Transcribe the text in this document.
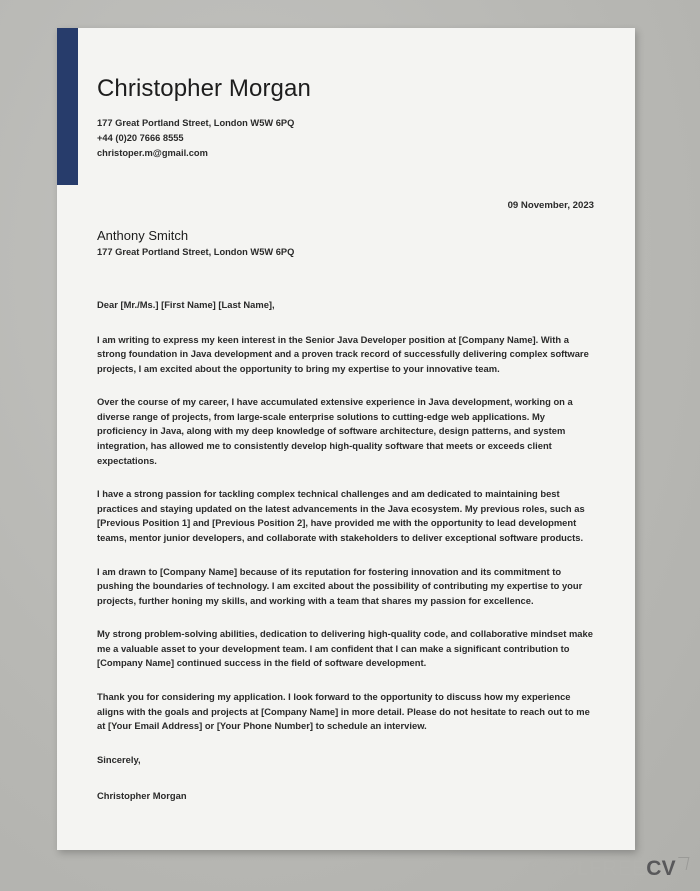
Christopher Morgan
177 Great Portland Street, London W5W 6PQ
+44 (0)20 7666 8555
christoper.m@gmail.com
09 November, 2023
Anthony Smitch
177 Great Portland Street, London W5W 6PQ
Dear [Mr./Ms.] [First Name] [Last Name],
I am writing to express my keen interest in the Senior Java Developer position at [Company Name]. With a strong foundation in Java development and a proven track record of successfully delivering complex software projects, I am excited about the opportunity to bring my expertise to your innovative team.
Over the course of my career, I have accumulated extensive experience in Java development, working on a diverse range of projects, from large-scale enterprise solutions to cutting-edge web applications. My proficiency in Java, along with my deep knowledge of software architecture, design patterns, and system integration, has allowed me to consistently develop high-quality software that meets or exceeds client expectations.
I have a strong passion for tackling complex technical challenges and am dedicated to maintaining best practices and staying updated on the latest advancements in the Java ecosystem. My previous roles, such as [Previous Position 1] and [Previous Position 2], have provided me with the opportunity to lead development teams, mentor junior developers, and collaborate with stakeholders to deliver exceptional software products.
I am drawn to [Company Name] because of its reputation for fostering innovation and its commitment to pushing the boundaries of technology. I am excited about the possibility of contributing my expertise to your projects, further honing my skills, and working with a team that shares my passion for excellence.
My strong problem-solving abilities, dedication to delivering high-quality code, and collaborative mindset make me a valuable asset to your development team. I am confident that I can make a significant contribution to [Company Name] continued success in the field of software development.
Thank you for considering my application. I look forward to the opportunity to discuss how my experience aligns with the goals and projects at [Company Name] in more detail. Please do not hesitate to reach out to me at [Your Email Address] or [Your Phone Number] to schedule an interview.
Sincerely,
Christopher Morgan
COOLFREE CV
